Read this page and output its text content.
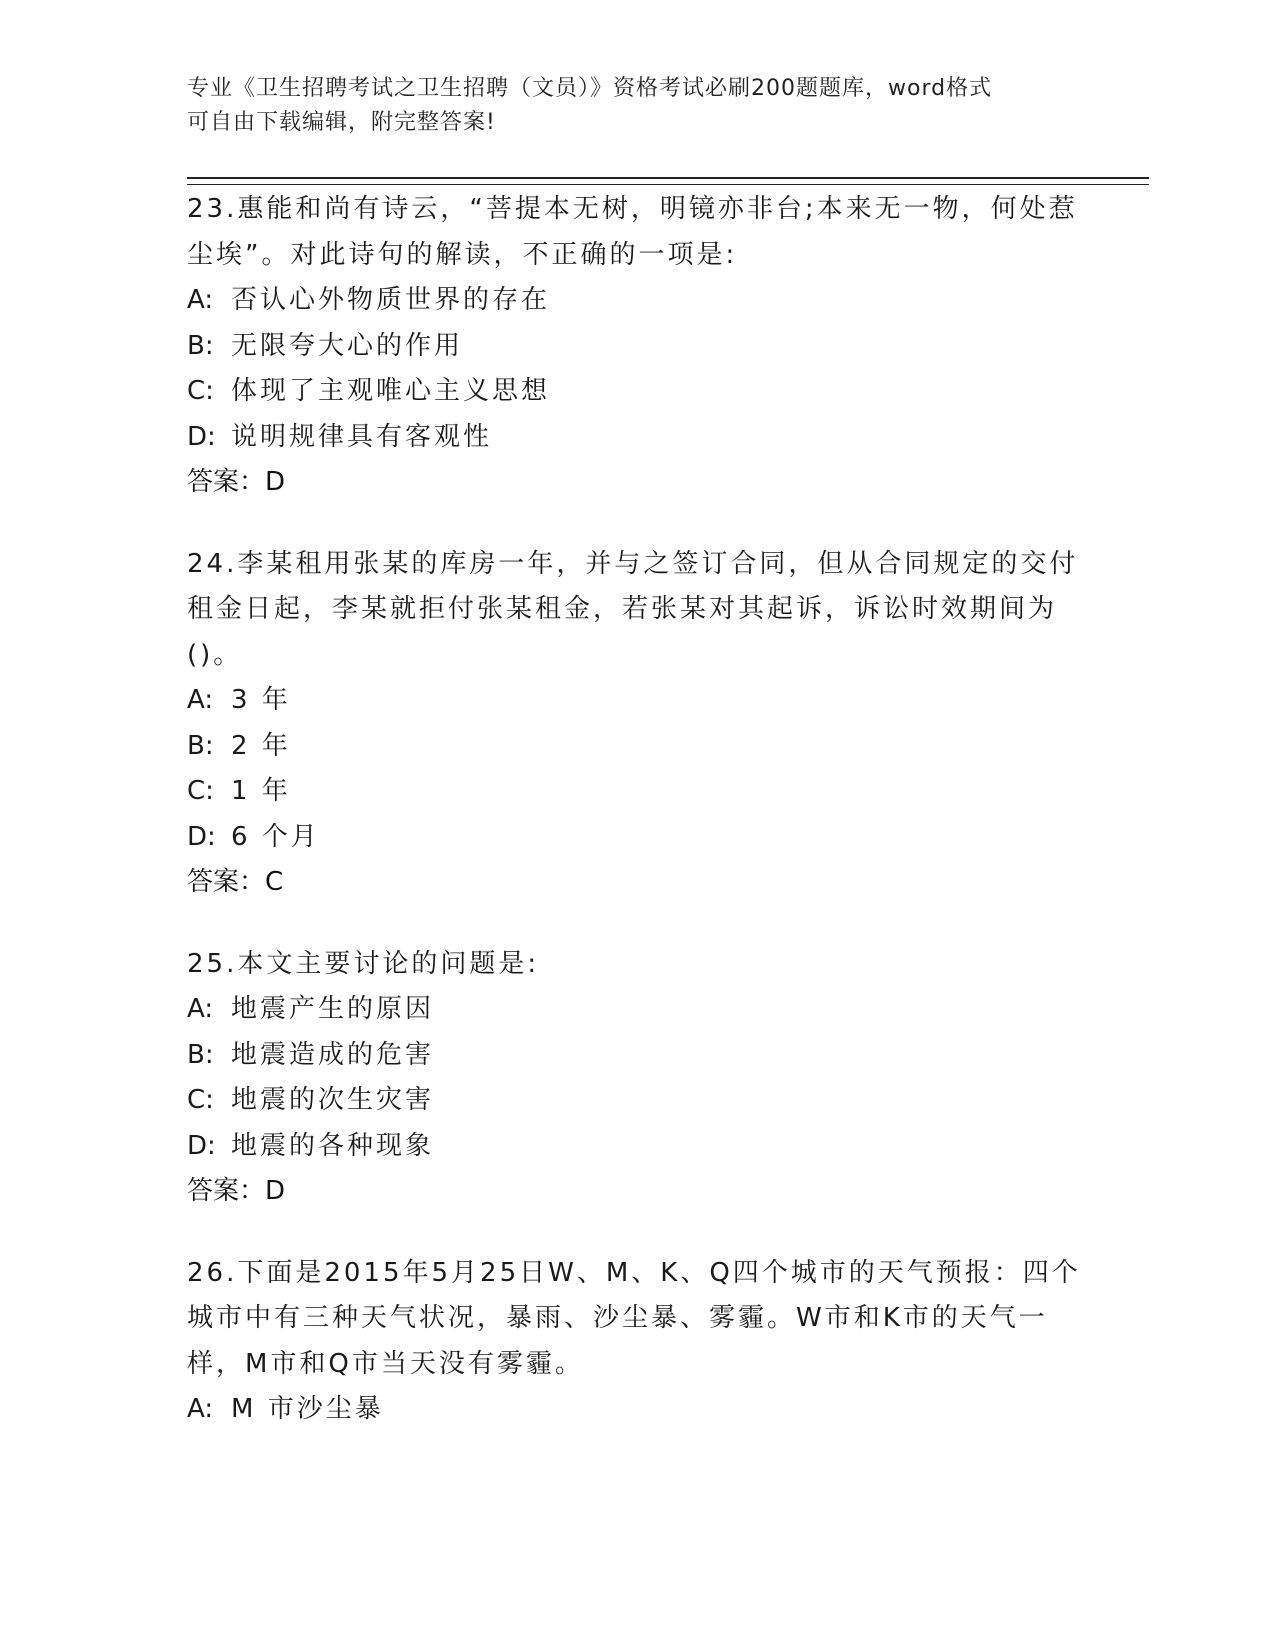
专业《卫生招聘考试之卫生招聘（文员）》资格考试必刷200题题库，word格式
可自由下载编辑，附完整答案!
23.惠能和尚有诗云，“菩提本无树，明镜亦非台;本来无一物，何处惹尘埃”。对此诗句的解读，不正确的一项是:
A: 否认心外物质世界的存在
B: 无限夸大心的作用
C: 体现了主观唯心主义思想
D: 说明规律具有客观性
答案：D
24.李某租用张某的库房一年，并与之签订合同，但从合同规定的交付租金日起，李某就拒付张某租金，若张某对其起诉，诉讼时效期间为()。
A: 3 年
B: 2 年
C: 1 年
D: 6 个月
答案：C
25.本文主要讨论的问题是:
A: 地震产生的原因
B: 地震造成的危害
C: 地震的次生灾害
D: 地震的各种现象
答案：D
26.下面是2015年5月25日W、M、K、Q四个城市的天气预报：四个城市中有三种天气状况，暴雨、沙尘暴、雾霾。W市和K市的天气一样，M市和Q市当天没有雾霾。
A: M 市沙尘暴
